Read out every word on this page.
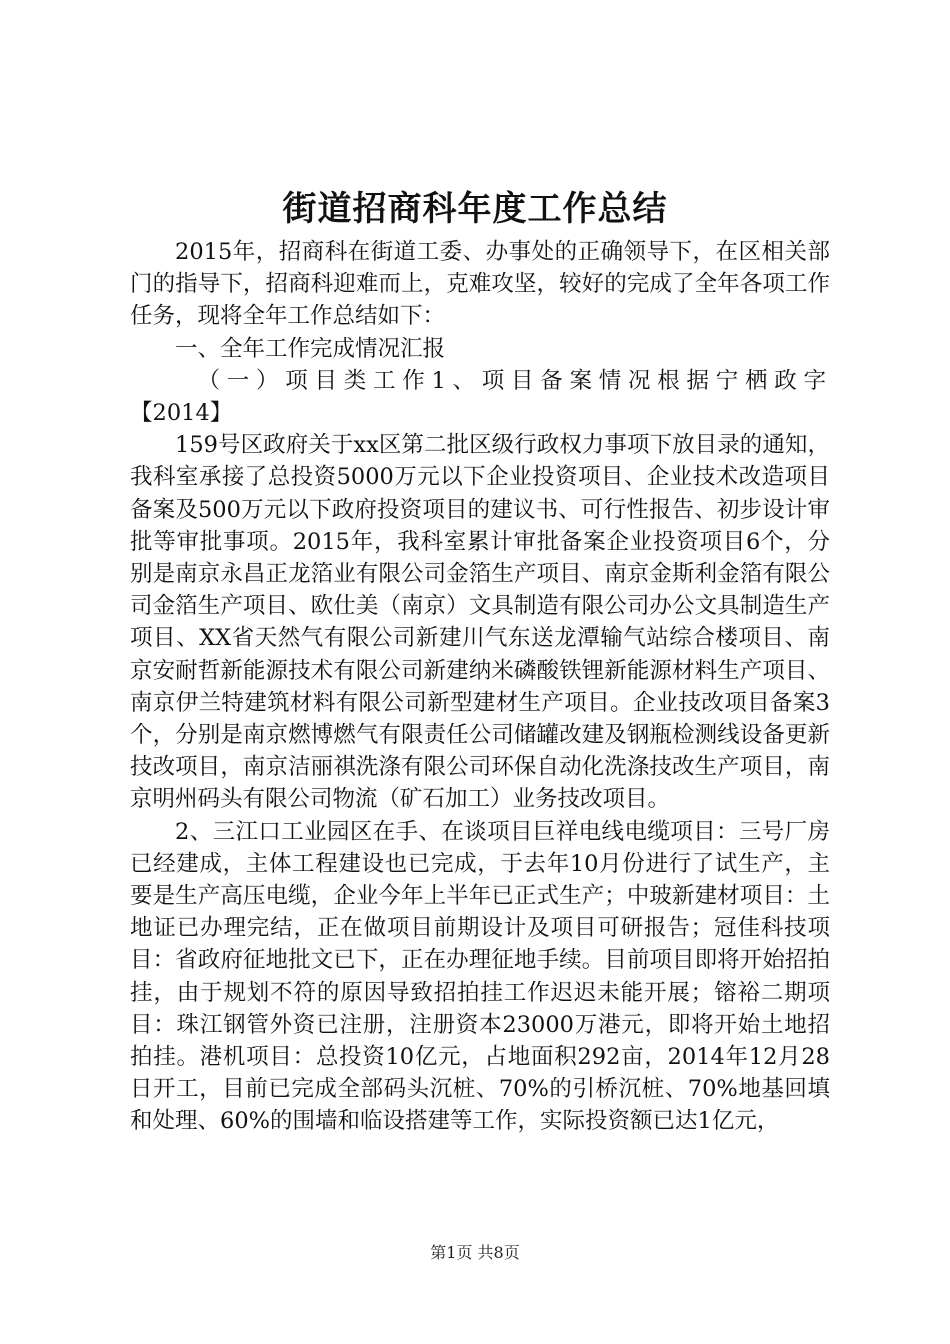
街道招商科年度工作总结

2015年，招商科在街道工委、办事处的正确领导下，在区相关部门的指导下，招商科迎难而上，克难攻坚，较好的完成了全年各项工作任务，现将全年工作总结如下：

一、全年工作完成情况汇报

（一）项目类工作1、项目备案情况根据宁栖政字

【2014】

159号区政府关于xx区第二批区级行政权力事项下放目录的通知，我科室承接了总投资5000万元以下企业投资项目、企业技术改造项目备案及500万元以下政府投资项目的建议书、可行性报告、初步设计审批等审批事项。2015年，我科室累计审批备案企业投资项目6个，分别是南京永昌正龙箔业有限公司金箔生产项目、南京金斯利金箔有限公司金箔生产项目、欧仕美（南京）文具制造有限公司办公文具制造生产项目、XX省天然气有限公司新建川气东送龙潭输气站综合楼项目、南京安耐哲新能源技术有限公司新建纳米磷酸铁锂新能源材料生产项目、南京伊兰特建筑材料有限公司新型建材生产项目。企业技改项目备案3个，分别是南京燃博燃气有限责任公司储罐改建及钢瓶检测线设备更新技改项目，南京洁丽祺洗涤有限公司环保自动化洗涤技改生产项目，南京明州码头有限公司物流（矿石加工）业务技改项目。

2、三江口工业园区在手、在谈项目巨祥电线电缆项目：三号厂房已经建成，主体工程建设也已完成，于去年10月份进行了试生产，主要是生产高压电缆，企业今年上半年已正式生产；中玻新建材项目：土地证已办理完结，正在做项目前期设计及项目可研报告；冠佳科技项目：省政府征地批文已下，正在办理征地手续。目前项目即将开始招拍挂，由于规划不符的原因导致招拍挂工作迟迟未能开展；镕裕二期项目：珠江钢管外资已注册，注册资本23000万港元，即将开始土地招拍挂。港机项目：总投资10亿元，占地面积292亩，2014年12月28日开工，目前已完成全部码头沉桩、70%的引桥沉桩、70%地基回填和处理、60%的围墙和临设搭建等工作，实际投资额已达1亿元，

第1页 共8页
